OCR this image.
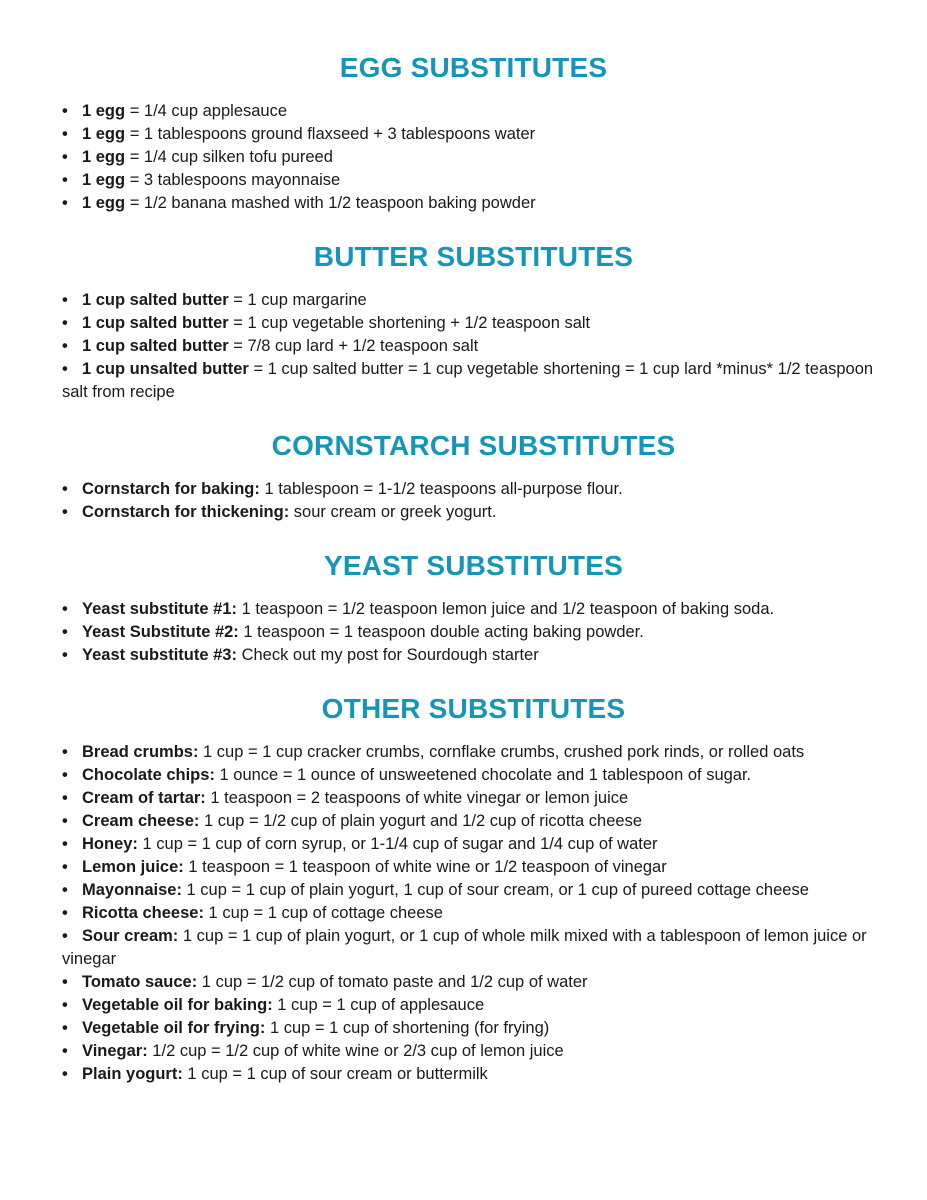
EGG SUBSTITUTES
• 1 egg = 1/4 cup applesauce
• 1 egg = 1 tablespoons ground flaxseed + 3 tablespoons water
• 1 egg = 1/4 cup silken tofu pureed
• 1 egg = 3 tablespoons mayonnaise
• 1 egg = 1/2 banana mashed with 1/2 teaspoon baking powder
BUTTER SUBSTITUTES
• 1 cup salted butter = 1 cup margarine
• 1 cup salted butter = 1 cup vegetable shortening + 1/2 teaspoon salt
• 1 cup salted butter = 7/8 cup lard + 1/2 teaspoon salt
• 1 cup unsalted butter = 1 cup salted butter = 1 cup vegetable shortening = 1 cup lard *minus* 1/2 teaspoon salt from recipe
CORNSTARCH SUBSTITUTES
• Cornstarch for baking: 1 tablespoon = 1-1/2 teaspoons all-purpose flour.
• Cornstarch for thickening: sour cream or greek yogurt.
YEAST SUBSTITUTES
• Yeast substitute #1: 1 teaspoon = 1/2 teaspoon lemon juice and 1/2 teaspoon of baking soda.
• Yeast Substitute #2: 1 teaspoon = 1 teaspoon double acting baking powder.
• Yeast substitute #3: Check out my post for Sourdough starter
OTHER SUBSTITUTES
• Bread crumbs: 1 cup = 1 cup cracker crumbs, cornflake crumbs, crushed pork rinds, or rolled oats
• Chocolate chips: 1 ounce = 1 ounce of unsweetened chocolate and 1 tablespoon of sugar.
• Cream of tartar: 1 teaspoon = 2 teaspoons of white vinegar or lemon juice
• Cream cheese: 1 cup = 1/2 cup of plain yogurt and 1/2 cup of ricotta cheese
• Honey: 1 cup = 1 cup of corn syrup, or 1-1/4 cup of sugar and 1/4 cup of water
• Lemon juice: 1 teaspoon = 1 teaspoon of white wine or 1/2 teaspoon of vinegar
• Mayonnaise: 1 cup = 1 cup of plain yogurt, 1 cup of sour cream, or 1 cup of pureed cottage cheese
• Ricotta cheese: 1 cup = 1 cup of cottage cheese
• Sour cream: 1 cup = 1 cup of plain yogurt, or 1 cup of whole milk mixed with a tablespoon of lemon juice or vinegar
• Tomato sauce: 1 cup = 1/2 cup of tomato paste and 1/2 cup of water
• Vegetable oil for baking: 1 cup = 1 cup of applesauce
• Vegetable oil for frying: 1 cup = 1 cup of shortening (for frying)
• Vinegar: 1/2 cup = 1/2 cup of white wine or 2/3 cup of lemon juice
• Plain yogurt: 1 cup = 1 cup of sour cream or buttermilk
